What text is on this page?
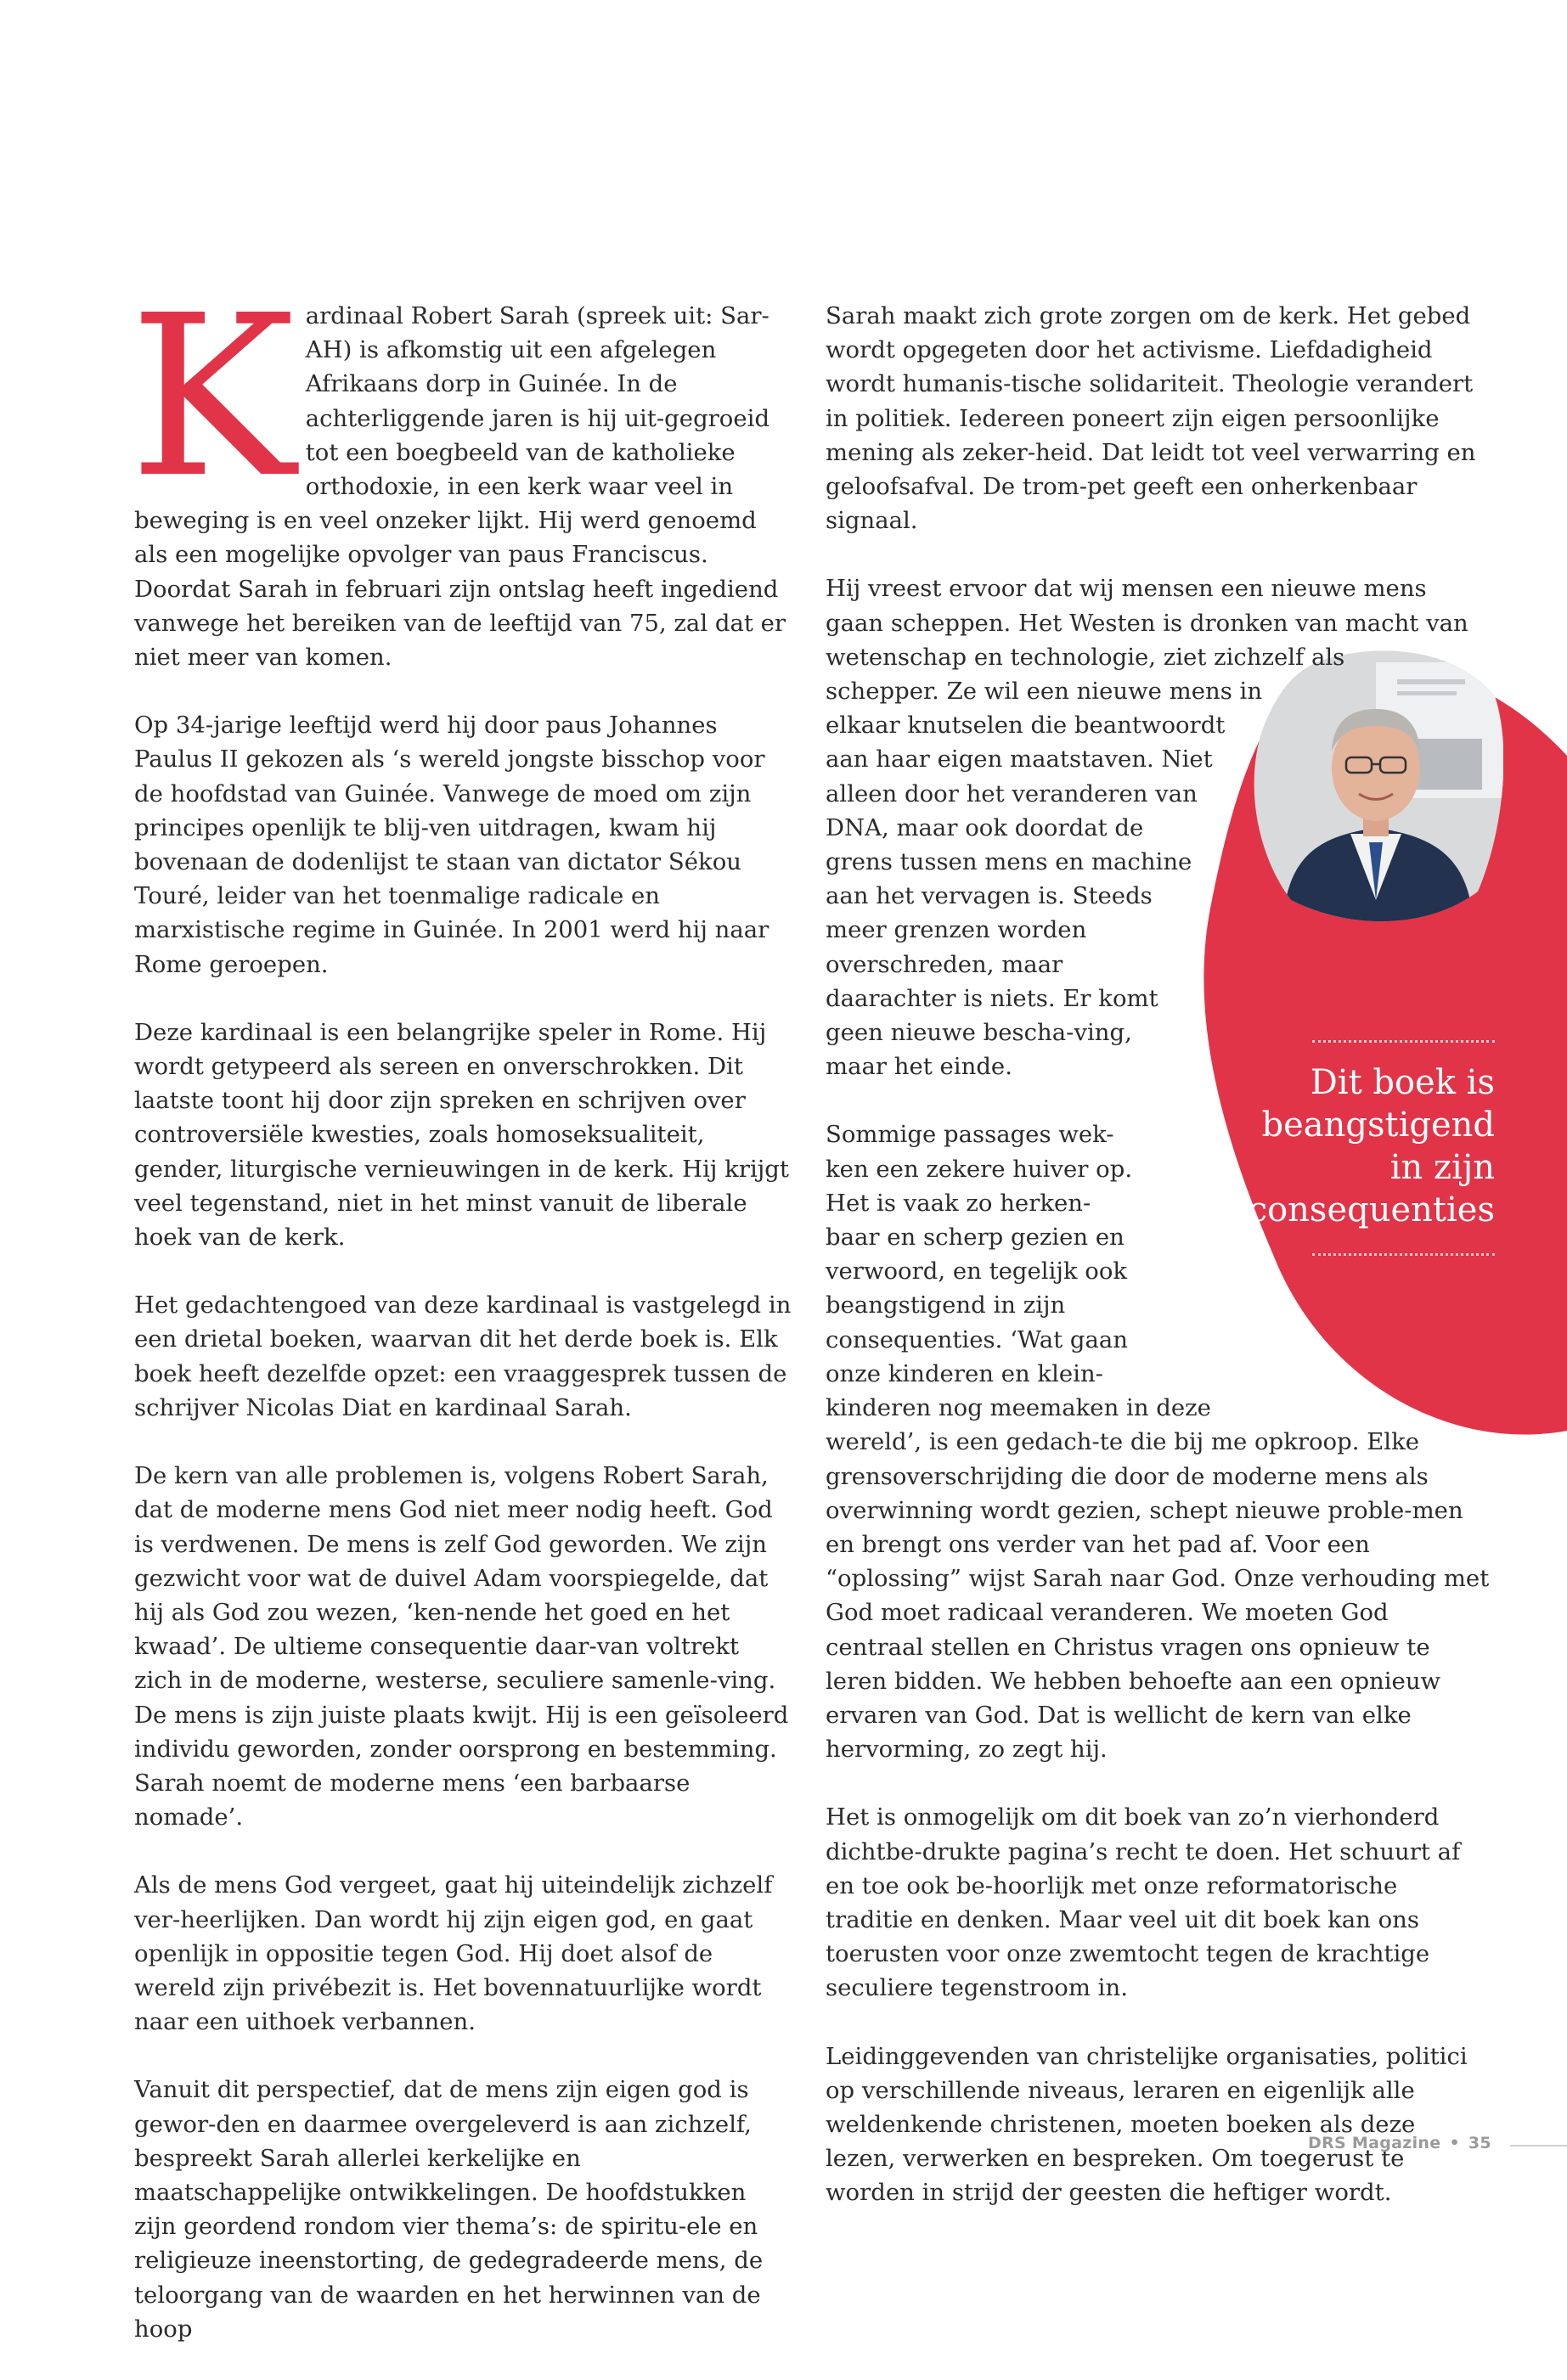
Kardinaal Robert Sarah (spreek uit: Sar-AH) is afkomstig uit een afgelegen Afrikaans dorp in Guinée. In de achterliggende jaren is hij uit-gegroeid tot een boegbeeld van de katholieke orthodoxie, in een kerk waar veel in beweging is en veel onzeker lijkt. Hij werd genoemd als een mogelijke opvolger van paus Franciscus. Doordat Sarah in februari zijn ontslag heeft ingediend vanwege het bereiken van de leeftijd van 75, zal dat er niet meer van komen.

Op 34-jarige leeftijd werd hij door paus Johannes Paulus II gekozen als ‘s wereld jongste bisschop voor de hoofdstad van Guinée. Vanwege de moed om zijn principes openlijk te blij-ven uitdragen, kwam hij bovenaan de dodenlijst te staan van dictator Sékou Touré, leider van het toenmalige radicale en marxistische regime in Guinée. In 2001 werd hij naar Rome geroepen.

Deze kardinaal is een belangrijke speler in Rome. Hij wordt getypeerd als sereen en onverschrokken. Dit laatste toont hij door zijn spreken en schrijven over controversiële kwesties, zoals homoseksualiteit, gender, liturgische vernieuwingen in de kerk. Hij krijgt veel tegenstand, niet in het minst vanuit de liberale hoek van de kerk.

Het gedachtengoed van deze kardinaal is vastgelegd in een drietal boeken, waarvan dit het derde boek is. Elk boek heeft dezelfde opzet: een vraaggesprek tussen de schrijver Nicolas Diat en kardinaal Sarah.

De kern van alle problemen is, volgens Robert Sarah, dat de moderne mens God niet meer nodig heeft. God is verdwenen. De mens is zelf God geworden. We zijn gezwicht voor wat de duivel Adam voorspiegelde, dat hij als God zou wezen, ‘ken-nende het goed en het kwaad’. De ultieme consequentie daar-van voltrekt zich in de moderne, westerse, seculiere samenle-ving. De mens is zijn juiste plaats kwijt. Hij is een geïsoleerd individu geworden, zonder oorsprong en bestemming. Sarah noemt de moderne mens ‘een barbaarse nomade’.

Als de mens God vergeet, gaat hij uiteindelijk zichzelf ver-heerlijken. Dan wordt hij zijn eigen god, en gaat openlijk in oppositie tegen God. Hij doet alsof de wereld zijn privébezit is. Het bovennatuurlijke wordt naar een uithoek verbannen.

Vanuit dit perspectief, dat de mens zijn eigen god is gewor-den en daarmee overgeleverd is aan zichzelf, bespreekt Sarah allerlei kerkelijke en maatschappelijke ontwikkelingen. De hoofdstukken zijn geordend rondom vier thema’s: de spiritu-ele en religieuze ineenstorting, de gedegradeerde mens, de teloorgang van de waarden en het herwinnen van de hoop

Sarah maakt zich grote zorgen om de kerk. Het gebed wordt opgegeten door het activisme. Liefdadigheid wordt humanis-tische solidariteit. Theologie verandert in politiek. Iedereen poneert zijn eigen persoonlijke mening als zeker-heid. Dat leidt tot veel verwarring en geloofsafval. De trom-pet geeft een onherkenbaar signaal.

Hij vreest ervoor dat wij mensen een nieuwe mens gaan scheppen. Het Westen is dronken van macht van wetenschap en technologie, ziet zichzelf als schepper. Ze wil een nieuwe mens in elkaar knutselen die beantwoordt aan haar eigen maatstaven. Niet alleen door het veranderen van DNA, maar ook doordat de grens tussen mens en machine aan het vervagen is. Steeds meer grenzen worden overschreden, maar daarachter is niets. Er komt geen nieuwe bescha-ving, maar het einde.

Sommige passages wek-ken een zekere huiver op. Het is vaak zo herken-baar en scherp gezien en verwoord, en tegelijk ook beangstigend in zijn consequenties. ‘Wat gaan onze kinderen en klein-kinderen nog meemaken in deze wereld’, is een gedach-te die bij me opkroop. Elke grensoverschrijding die door de moderne mens als overwinning wordt gezien, schept nieuwe proble-men en brengt ons verder van het pad af. Voor een “oplossing” wijst Sarah naar God. Onze verhouding met God moet radicaal veranderen. We moeten God centraal stellen en Christus vragen ons opnieuw te leren bidden. We hebben behoefte aan een opnieuw ervaren van God. Dat is wellicht de kern van elke hervorming, zo zegt hij.

Het is onmogelijk om dit boek van zo’n vierhonderd dichtbe-drukte pagina’s recht te doen. Het schuurt af en toe ook be-hoorlijk met onze reformatorische traditie en denken. Maar veel uit dit boek kan ons toerusten voor onze zwemtocht tegen de krachtige seculiere tegenstroom in.

Leidinggevenden van christelijke organisaties, politici op verschillende niveaus, leraren en eigenlijk alle weldenkende christenen, moeten boeken als deze lezen, verwerken en bespreken. Om toegerust te worden in strijd der geesten die heftiger wordt.

Dit boek is beangstigend in zijn consequenties
DRS Magazine • 35
